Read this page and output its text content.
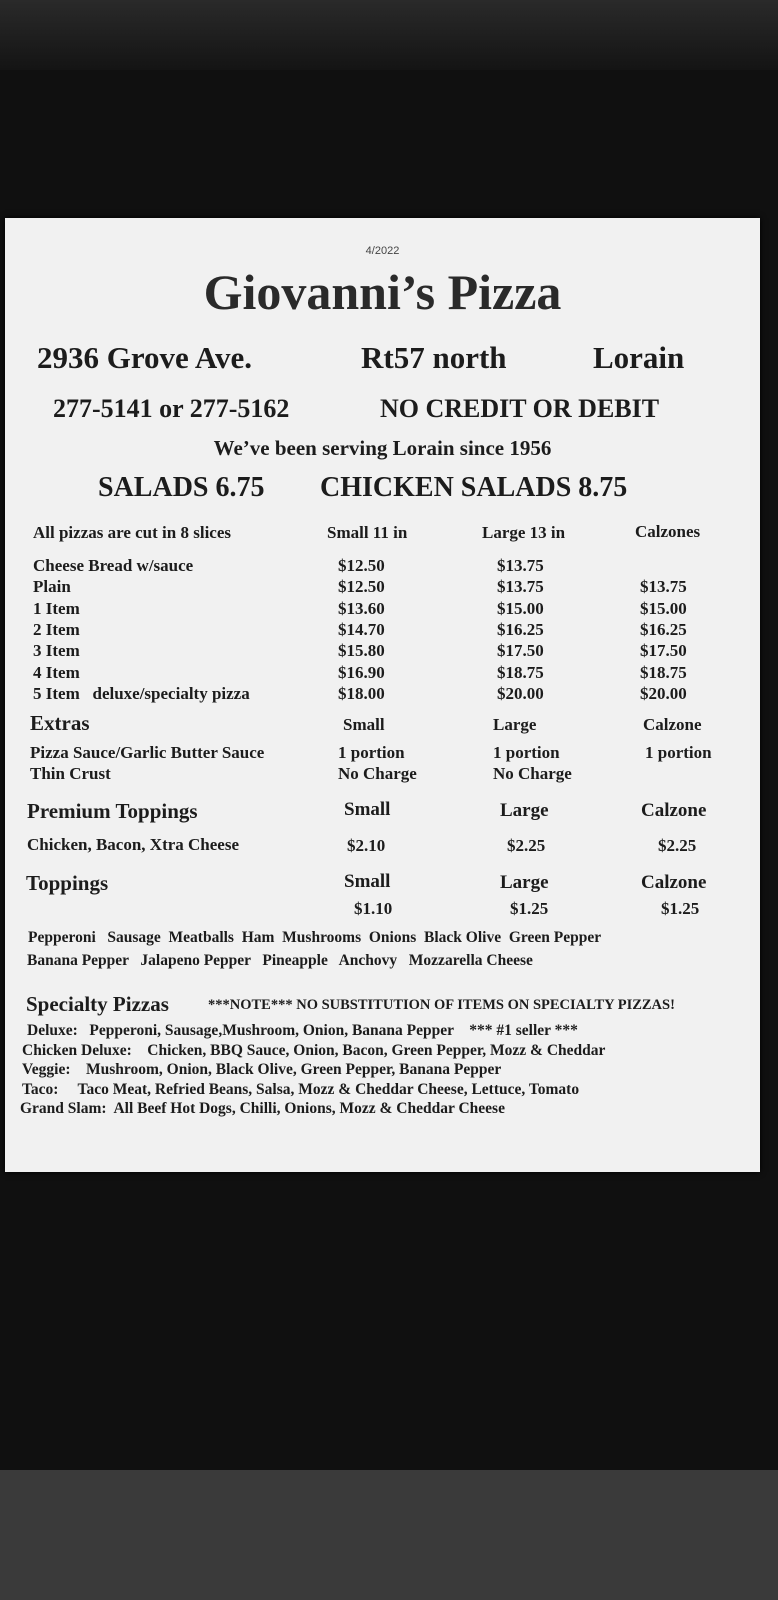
4/2022
Giovanni’s Pizza
2936 Grove Ave.	Rt57 north	Lorain
277-5141 or 277-5162	NO CREDIT OR DEBIT
We’ve been serving Lorain since 1956
SALADS 6.75 CHICKEN SALADS 8.75
All pizzas are cut in 8 slices	Small 11 in	Large 13 in	Calzones
Cheese Bread w/sauce	$12.50	$13.75
Plain	$12.50	$13.75	$13.75
1 Item	$13.60	$15.00	$15.00
2 Item	$14.70	$16.25	$16.25
3 Item	$15.80	$17.50	$17.50
4 Item	$16.90	$18.75	$18.75
5 Item   deluxe/specialty pizza	$18.00	$20.00	$20.00
Extras	Small	Large	Calzone
Pizza Sauce/Garlic Butter Sauce	1 portion	1 portion	1 portion
Thin Crust	No Charge	No Charge
Premium Toppings	Small	Large	Calzone
Chicken, Bacon, Xtra Cheese	$2.10	$2.25	$2.25
Toppings	Small	Large	Calzone
$1.10	$1.25	$1.25
Pepperoni   Sausage  Meatballs  Ham  Mushrooms  Onions  Black Olive  Green Pepper
Banana Pepper   Jalapeno Pepper   Pineapple   Anchovy   Mozzarella Cheese
Specialty Pizzas	***NOTE*** NO SUBSTITUTION OF ITEMS ON SPECIALTY PIZZAS!
Deluxe:   Pepperoni, Sausage,Mushroom, Onion, Banana Pepper    *** #1 seller ***
Chicken Deluxe:    Chicken, BBQ Sauce, Onion, Bacon, Green Pepper, Mozz & Cheddar
Veggie:    Mushroom, Onion, Black Olive, Green Pepper, Banana Pepper
Taco:     Taco Meat, Refried Beans, Salsa, Mozz & Cheddar Cheese, Lettuce, Tomato
Grand Slam:  All Beef Hot Dogs, Chilli, Onions, Mozz & Cheddar Cheese
